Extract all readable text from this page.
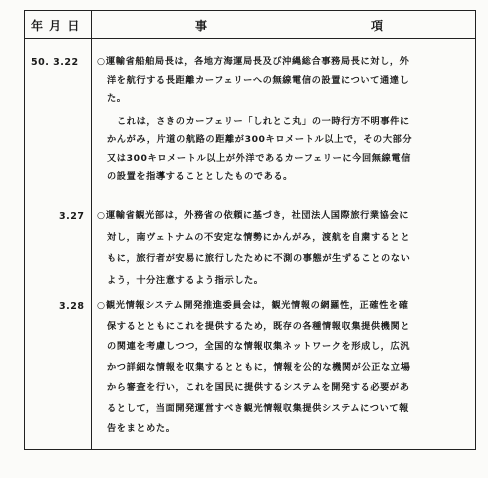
年 月 日	事	項
50. 3.22 ○運輸省船舶局長は，各地方海運局長及び沖縄総合事務局長に対し，外
洋を航行する長距離カーフェリーへの無線電信の設置について通達し
た。
これは，さきのカーフェリー「しれとこ丸」の一時行方不明事件に
かんがみ，片道の航路の距離が300キロメートル以上で，その大部分
又は300キロメートル以上が外洋であるカーフェリーに今回無線電信
の設置を指導することとしたものである。
3.27 ○運輸省観光部は，外務省の依頼に基づき，社団法人国際旅行業協会に
対し，南ヴェトナムの不安定な情勢にかんがみ，渡航を自粛するとと
もに，旅行者が安易に旅行したために不測の事態が生ずることのない
よう，十分注意するよう指示した。
3.28 ○観光情報システム開発推進委員会は，観光情報の網羅性，正確性を確
保するとともにこれを提供するため，既存の各種情報収集提供機関と
の関連を考慮しつつ，全国的な情報収集ネットワークを形成し，広汎
かつ詳細な情報を収集するとともに，情報を公的な機関が公正な立場
から審査を行い，これを国民に提供するシステムを開発する必要があ
るとして，当面開発運営すべき観光情報収集提供システムについて報
告をまとめた。
